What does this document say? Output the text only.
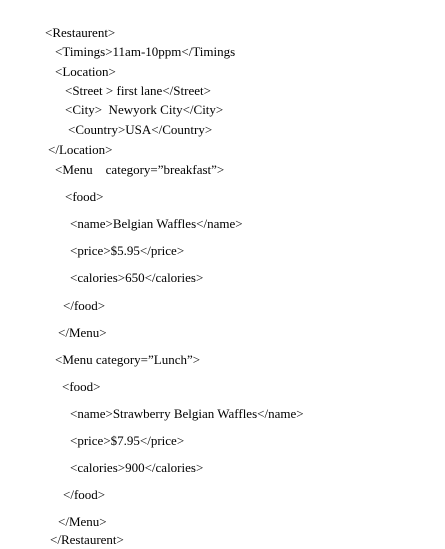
<Restaurent>
<Timings>11am-10ppm</Timings
<Location>
<Street > first lane</Street>
<City>  Newyork City</City>
<Country>USA</Country>
</Location>
<Menu    category=”breakfast”>
<food>
<name>Belgian Waffles</name>
<price>$5.95</price>
<calories>650</calories>
</food>
</Menu>
<Menu category=”Lunch”>
<food>
<name>Strawberry Belgian Waffles</name>
<price>$7.95</price>
<calories>900</calories>
</food>
</Menu>
</Restaurent>
